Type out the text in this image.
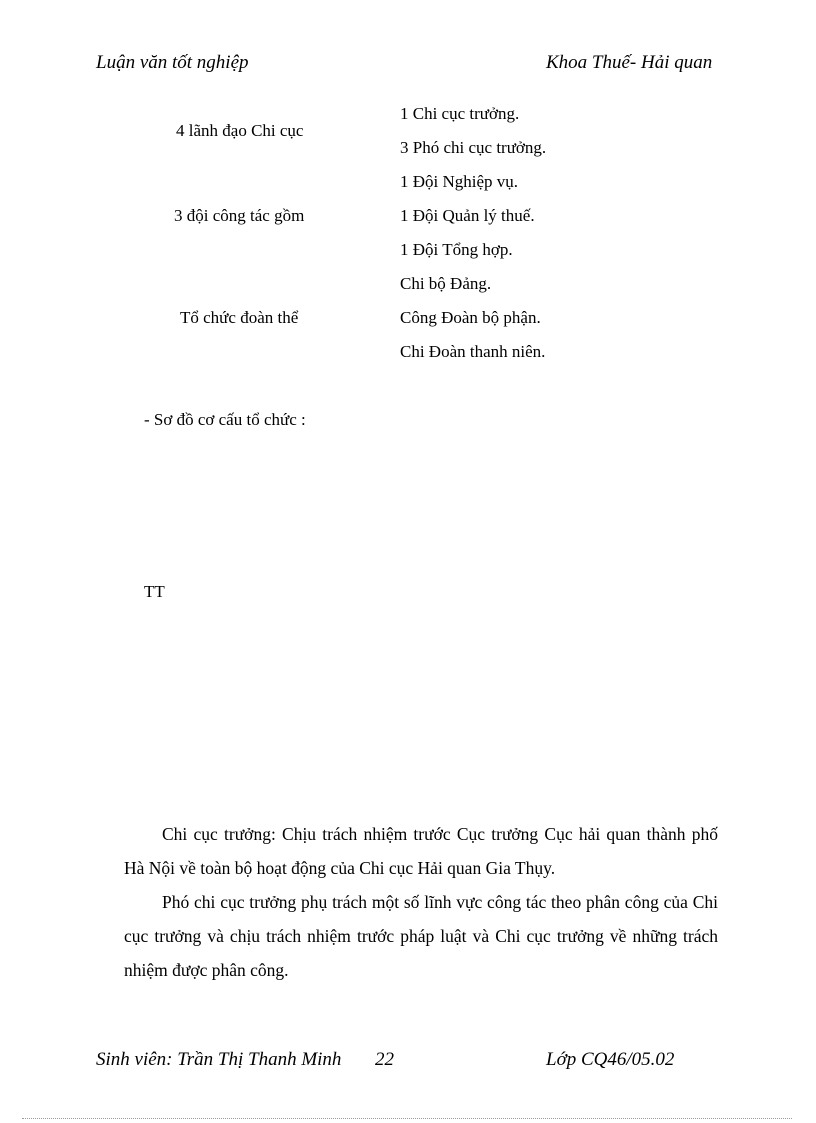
Luận văn tốt nghiệp	Khoa Thuế- Hải quan
4 lãnh đạo Chi cục
1 Chi cục trưởng.
3 Phó chi cục trưởng.
3 đội công tác gồm
1 Đội Nghiệp vụ.
1 Đội Quản lý thuế.
1 Đội Tổng hợp.
Tổ chức đoàn thể
Chi bộ Đảng.
Công Đoàn bộ phận.
Chi Đoàn thanh niên.
- Sơ đồ cơ cấu tổ chức :
TT
Chi cục trưởng: Chịu trách nhiệm trước Cục trưởng Cục hải quan thành phố Hà Nội về toàn bộ hoạt động của Chi cục Hải quan Gia Thụy.
Phó chi cục trưởng phụ trách một số lĩnh vực công tác theo phân công của Chi cục trưởng và chịu trách nhiệm trước pháp luật và Chi cục trưởng về những trách nhiệm được phân công.
Sinh viên: Trần Thị Thanh Minh 22	Lớp CQ46/05.02
